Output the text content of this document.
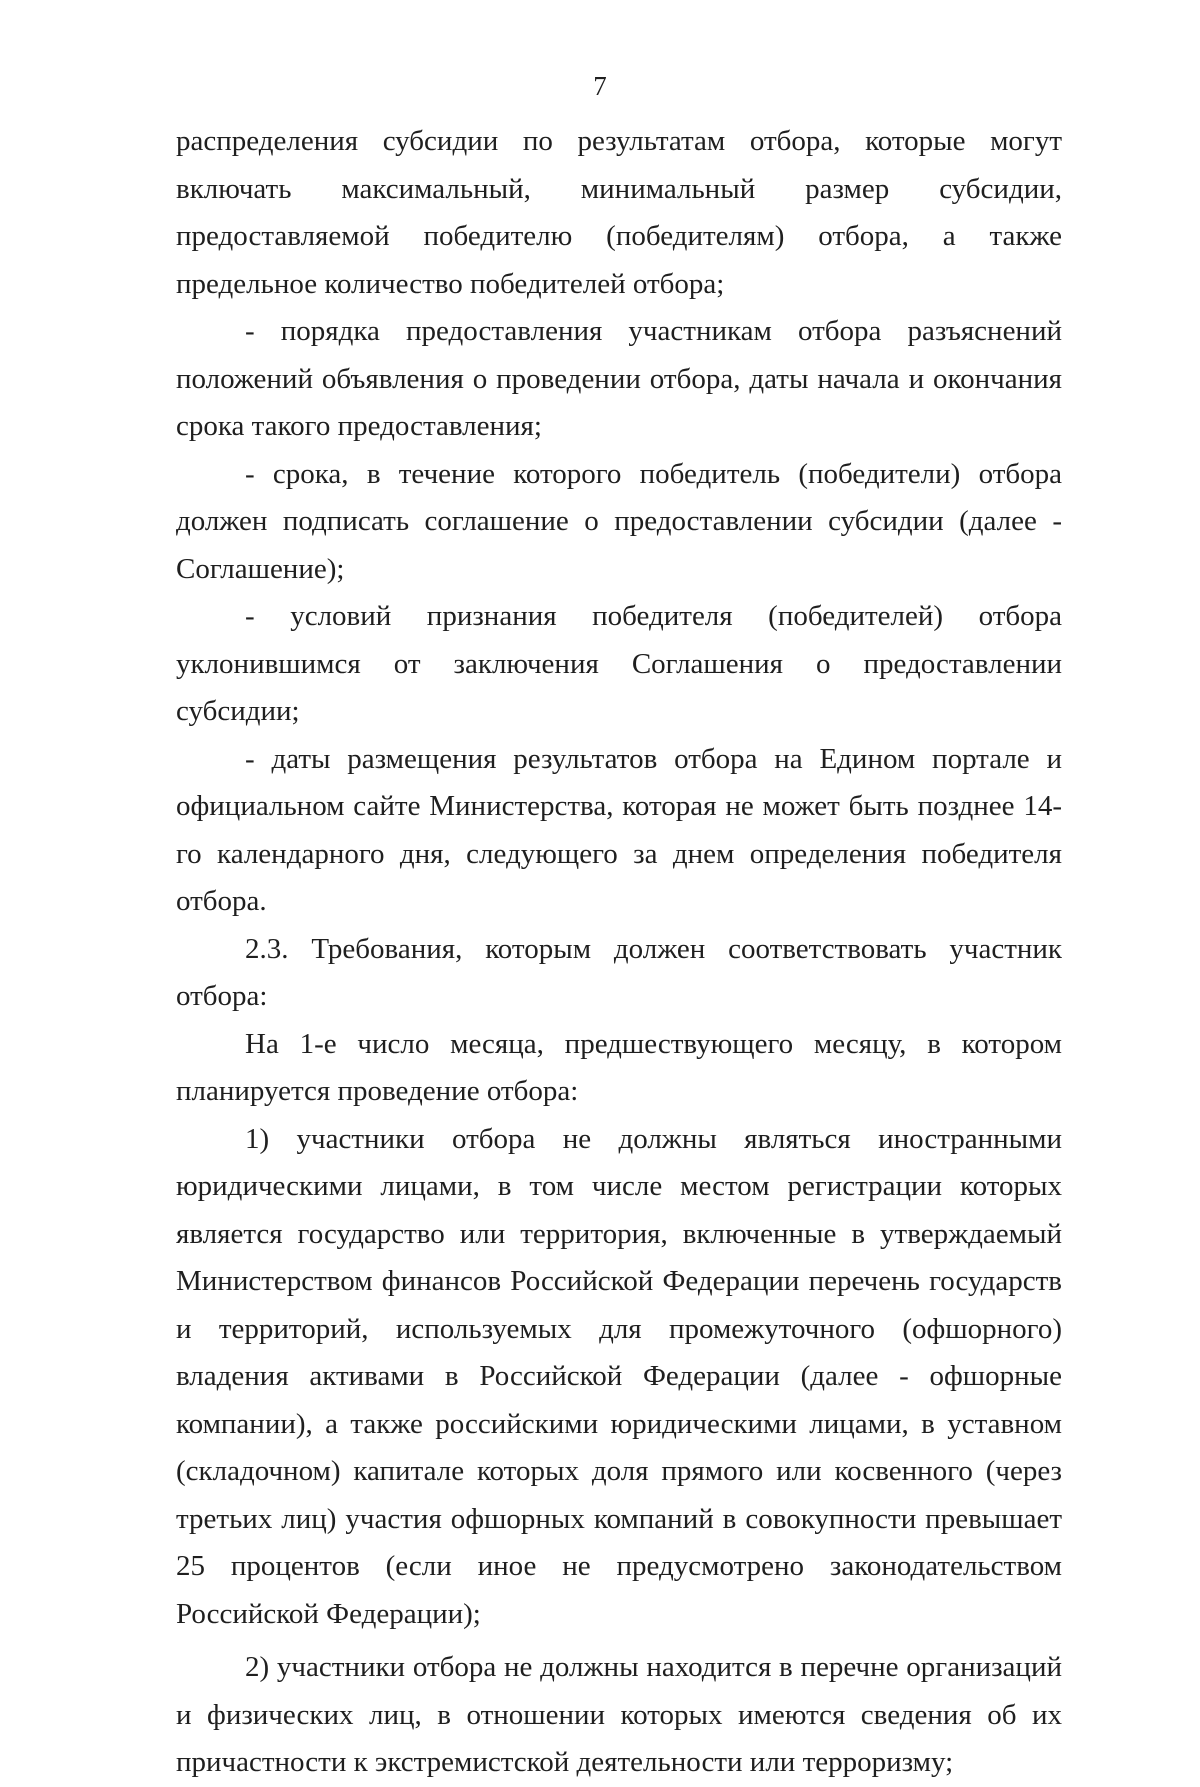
7

распределения субсидии по результатам отбора, которые могут включать максимальный, минимальный размер субсидии, предоставляемой победителю (победителям) отбора, а также предельное количество победителей отбора;

- порядка предоставления участникам отбора разъяснений положений объявления о проведении отбора, даты начала и окончания срока такого предоставления;

- срока, в течение которого победитель (победители) отбора должен подписать соглашение о предоставлении субсидии (далее - Соглашение);

- условий признания победителя (победителей) отбора уклонившимся от заключения Соглашения о предоставлении субсидии;

- даты размещения результатов отбора на Едином портале и официальном сайте Министерства, которая не может быть позднее 14-го календарного дня, следующего за днем определения победителя отбора.

2.3. Требования, которым должен соответствовать участник отбора:

На 1-е число месяца, предшествующего месяцу, в котором планируется проведение отбора:

1) участники отбора не должны являться иностранными юридическими лицами, в том числе местом регистрации которых является государство или территория, включенные в утверждаемый Министерством финансов Российской Федерации перечень государств и территорий, используемых для промежуточного (офшорного) владения активами в Российской Федерации (далее - офшорные компании), а также российскими юридическими лицами, в уставном (складочном) капитале которых доля прямого или косвенного (через третьих лиц) участия офшорных компаний в совокупности превышает 25 процентов (если иное не предусмотрено законодательством Российской Федерации);

2) участники отбора не должны находится в перечне организаций и физических лиц, в отношении которых имеются сведения об их причастности к экстремистской деятельности или терроризму;
